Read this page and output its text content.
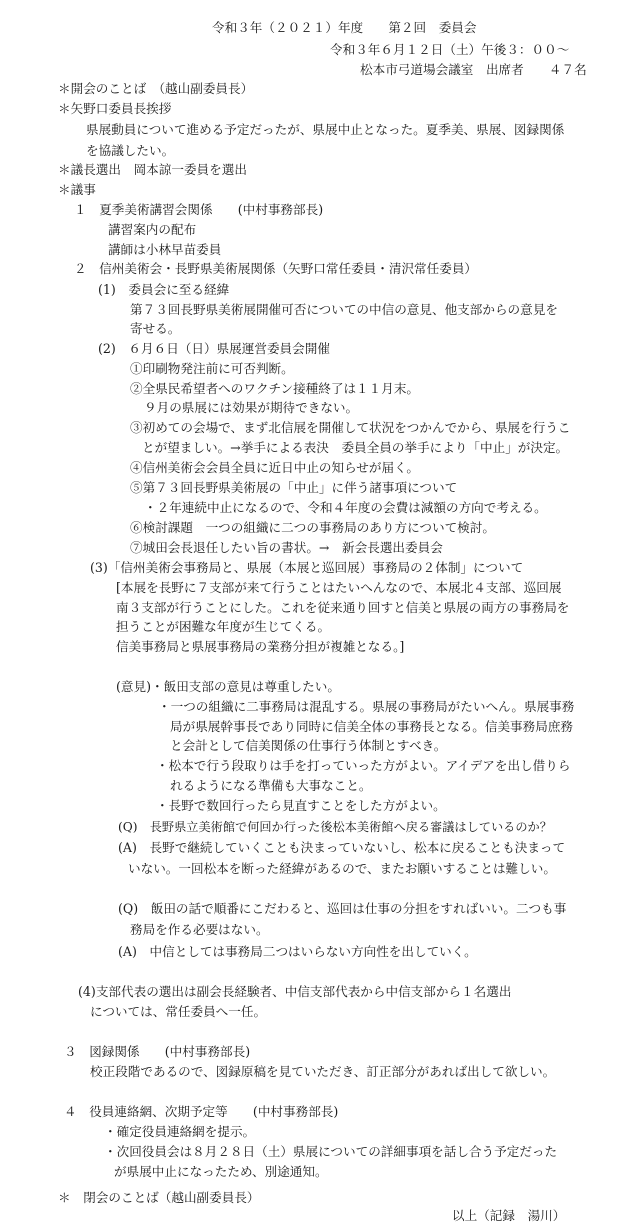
令和３年（２０２１）年度　　第２回　委員会
令和３年６月１２日（土）午後３：００～
松本市弓道場会議室　出席者　　４７名
＊開会のことば　（越山副委員長）
＊矢野口委員長挨拶
県展動員について進める予定だったが、県展中止となった。夏季美、県展、図録関係
を協議したい。
＊議長選出　岡本諒一委員を選出
＊議事
１　夏季美術講習会関係　　(中村事務部長)
講習案内の配布
講師は小林早苗委員
２　信州美術会・長野県美術展関係（矢野口常任委員・清沢常任委員）
(1)　委員会に至る経緯
第７３回長野県美術展開催可否についての中信の意見、他支部からの意見を
寄せる。
(2)　６月６日（日）県展運営委員会開催
①印刷物発注前に可否判断。
②全県民希望者へのワクチン接種終了は１１月末。
９月の県展には効果が期待できない。
③初めての会場で、まず北信展を開催して状況をつかんでから、県展を行うこ
とが望ましい。→挙手による表決　委員全員の挙手により「中止」が決定。
④信州美術会会員全員に近日中止の知らせが届く。
⑤第７３回長野県美術展の「中止」に伴う諸事項について
・２年連続中止になるので、令和４年度の会費は減額の方向で考える。
⑥検討課題　一つの組織に二つの事務局のあり方について検討。
⑦城田会長退任したい旨の書状。→　新会長選出委員会
(3)「信州美術会事務局と、県展（本展と巡回展）事務局の２体制」について
[本展を長野に７支部が来て行うことはたいへんなので、本展北４支部、巡回展
南３支部が行うことにした。これを従来通り回すと信美と県展の両方の事務局を
担うことが困難な年度が生じてくる。
信美事務局と県展事務局の業務分担が複雑となる。]
(意見)・飯田支部の意見は尊重したい。
・一つの組織に二事務局は混乱する。県展の事務局がたいへん。県展事務
局が県展幹事長であり同時に信美全体の事務長となる。信美事務局庶務
と会計として信美関係の仕事行う体制とすべき。
・松本で行う段取りは手を打っていった方がよい。アイデアを出し借りら
れるようになる準備も大事なこと。
・長野で数回行ったら見直すことをした方がよい。
(Q)　長野県立美術館で何回か行った後松本美術館へ戻る審議はしているのか？
(A)　長野で継続していくことも決まっていないし、松本に戻ることも決まって
いない。一回松本を断った経緯があるので、またお願いすることは難しい。
(Q)　飯田の話で順番にこだわると、巡回は仕事の分担をすればいい。二つも事
務局を作る必要はない。
(A)　中信としては事務局二つはいらない方向性を出していく。
(4)支部代表の選出は副会長経験者、中信支部代表から中信支部から１名選出
については、常任委員へ一任。
３　図録関係　　(中村事務部長)
校正段階であるので、図録原稿を見ていただき、訂正部分があれば出して欲しい。
４　役員連絡網、次期予定等　　(中村事務部長)
・確定役員連絡網を提示。
・次回役員会は８月２８日（土）県展についての詳細事項を話し合う予定だった
が県展中止になったため、別途通知。
＊　閉会のことば（越山副委員長）
以上（記録　湯川）
